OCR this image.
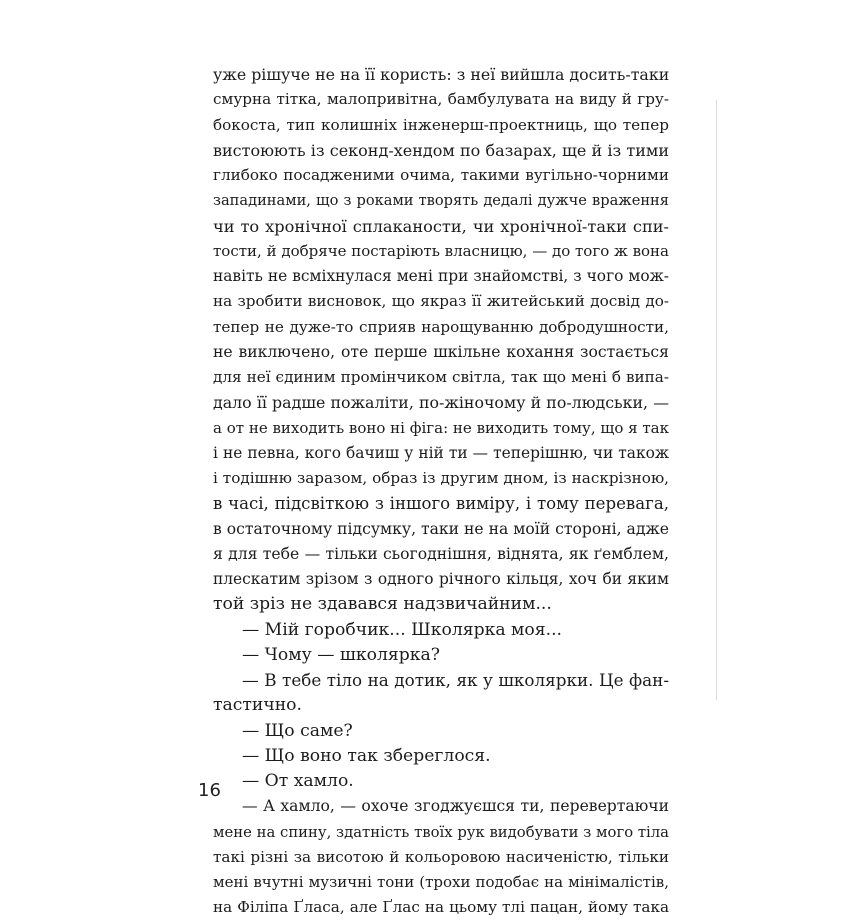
уже рішуче не на її користь: з неї вийшла досить-таки
смурна тітка, малопривітна, бамбулувата на виду й гру-
бокоста, тип колишніх інженерш-проектниць, що тепер
вистоюють із секонд-хендом по базарах, ще й із тими
глибоко посадженими очима, такими вугільно-чорними
западинами, що з роками творять дедалі дужче враження
чи то хронічної сплаканости, чи хронічної-таки спи-
тости, й добряче постаріють власницю, — до того ж вона
навіть не всміхнулася мені при знайомстві, з чого мож-
на зробити висновок, що якраз її житейський досвід до-
тепер не дуже-то сприяв нарощуванню добродушности,
не виключено, оте перше шкільне кохання зостається
для неї єдиним промінчиком світла, так що мені б випа-
дало її радше пожаліти, по-жіночому й по-людськи, —
а от не виходить воно ні фіга: не виходить тому, що я так
і не певна, кого бачиш у ній ти — теперішню, чи також
і тодішню заразом, образ із другим дном, із наскрізною,
в часі, підсвіткою з іншого виміру, і тому перевага,
в остаточному підсумку, таки не на моїй стороні, адже
я для тебе — тільки сьогоднішня, віднята, як ґемблем,
плескатим зрізом з одного річного кільця, хоч би яким
той зріз не здавався надзвичайним...
— Мій горобчик... Школярка моя...
— Чому — школярка?
— В тебе тіло на дотик, як у школярки. Це фан-
тастично.
— Що саме?
— Що воно так збереглося.
— От хамло.
— А хамло, — охоче згоджуєшся ти, перевертаючи
мене на спину, здатність твоїх рук видобувати з мого тіла
такі різні за висотою й кольоровою насиченістю, тільки
мені вчутні музичні тони (трохи подобає на мінімалістів,
на Філіпа Ґласа, але Ґлас на цьому тлі пацан, йому така
16
